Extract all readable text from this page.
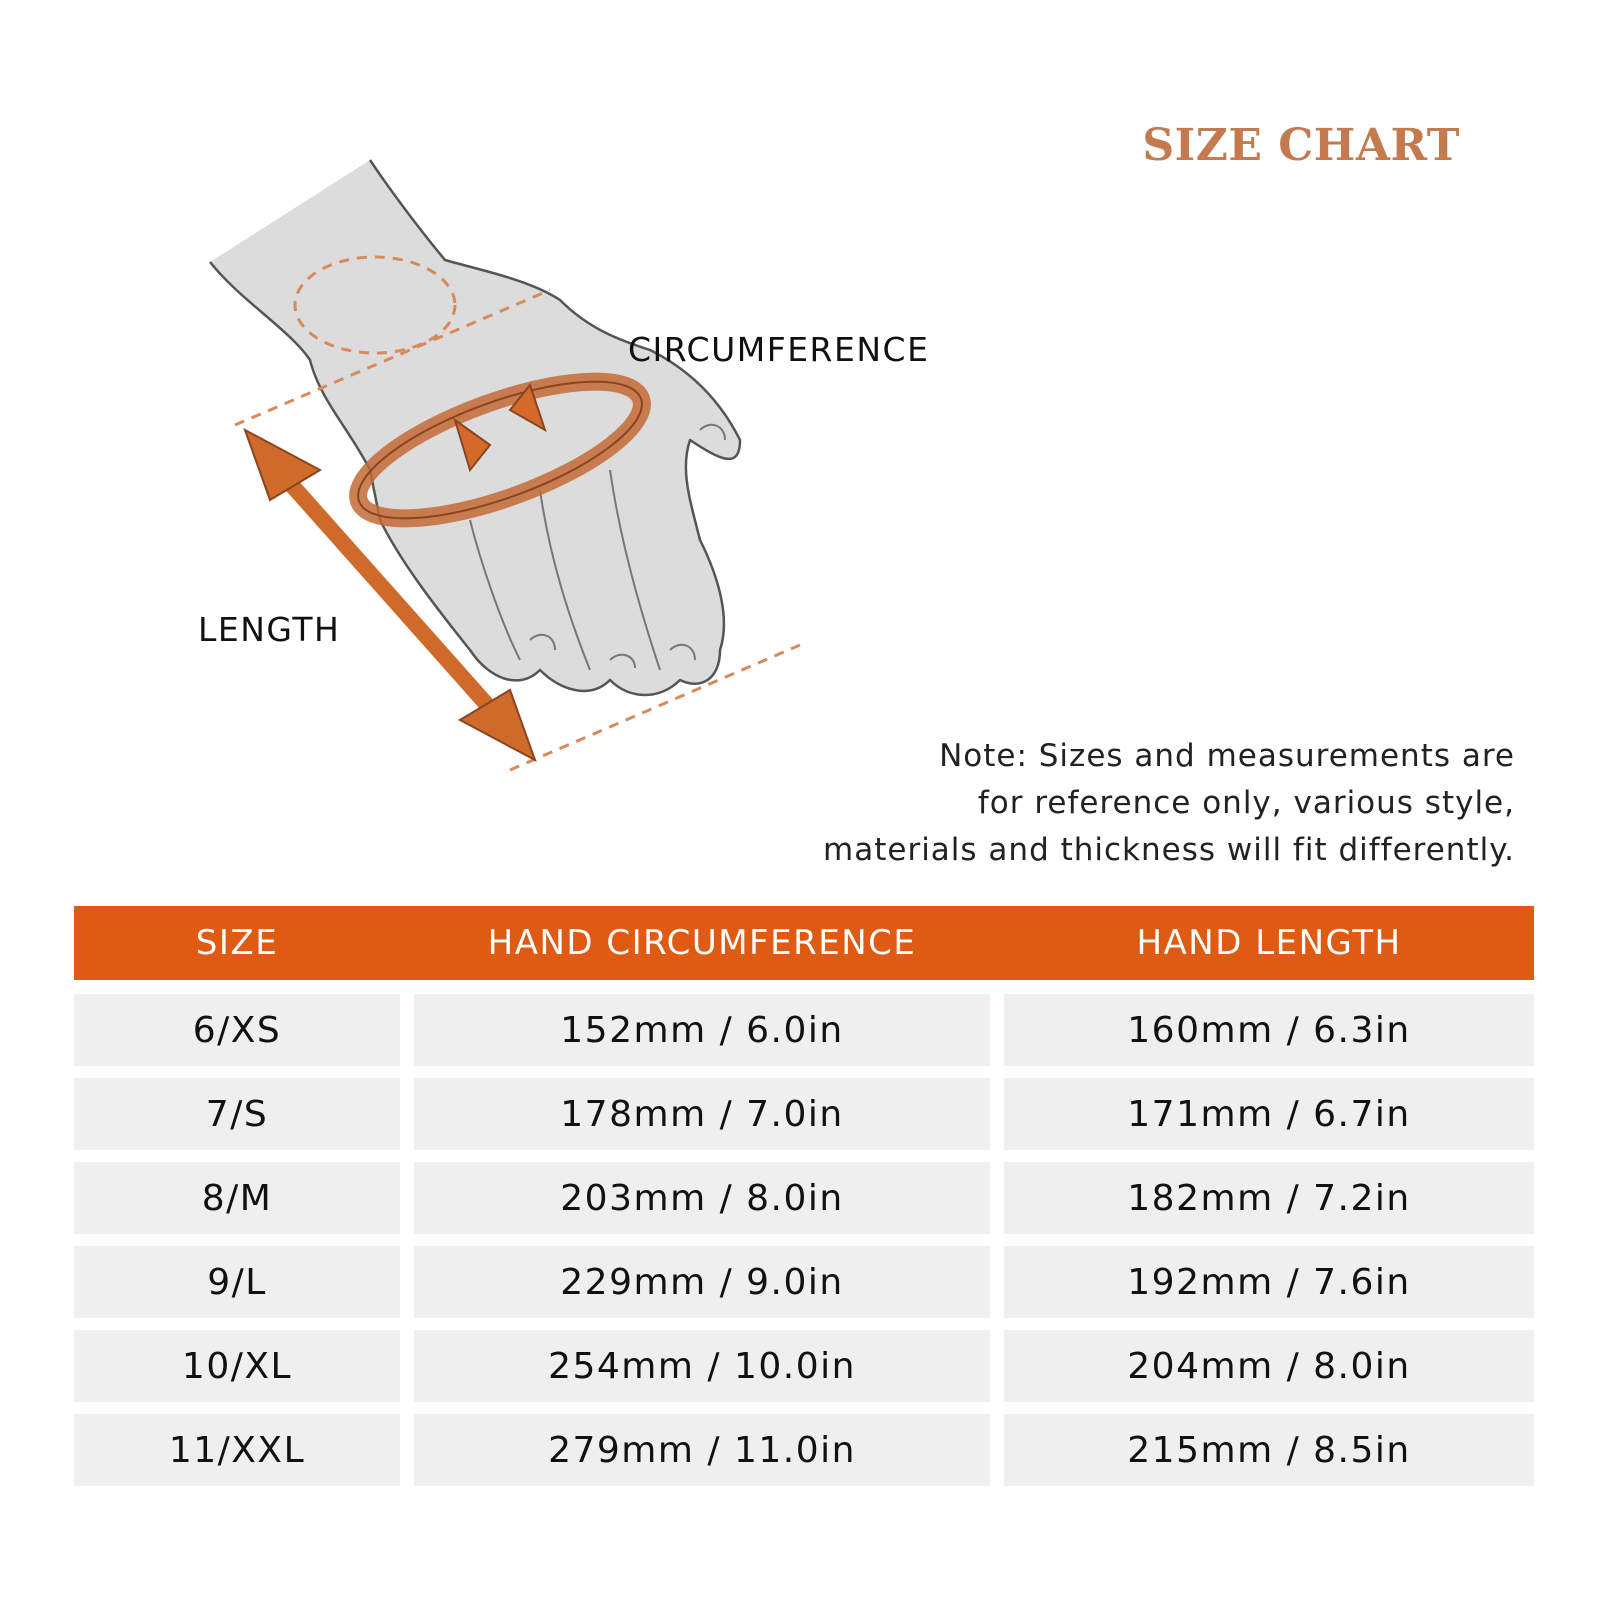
SIZE CHART
CIRCUMFERENCE
LENGTH
Note: Sizes and measurements are
for reference only, various style,
materials and thickness will fit differently.
SIZE	HAND CIRCUMFERENCE	HAND LENGTH
6/XS	152mm / 6.0in	160mm / 6.3in
7/S	178mm / 7.0in	171mm / 6.7in
8/M	203mm / 8.0in	182mm / 7.2in
9/L	229mm / 9.0in	192mm / 7.6in
10/XL	254mm / 10.0in	204mm / 8.0in
11/XXL	279mm / 11.0in	215mm / 8.5in
